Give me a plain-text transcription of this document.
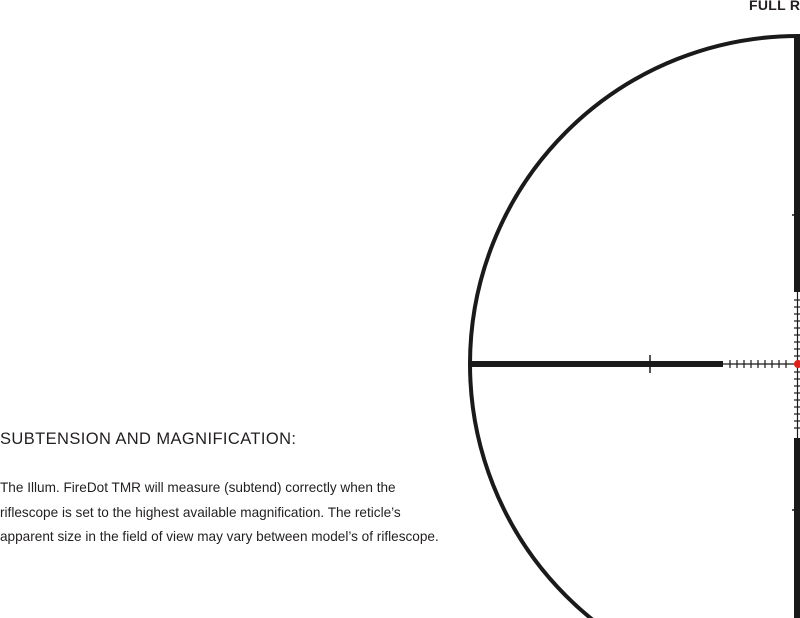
FULL R
SUBTENSION AND MAGNIFICATION:

The Illum. FireDot TMR will measure (subtend) correctly when the riflescope is set to the highest available magnification. The reticle’s apparent size in the field of view may vary between model’s of riflescope.
